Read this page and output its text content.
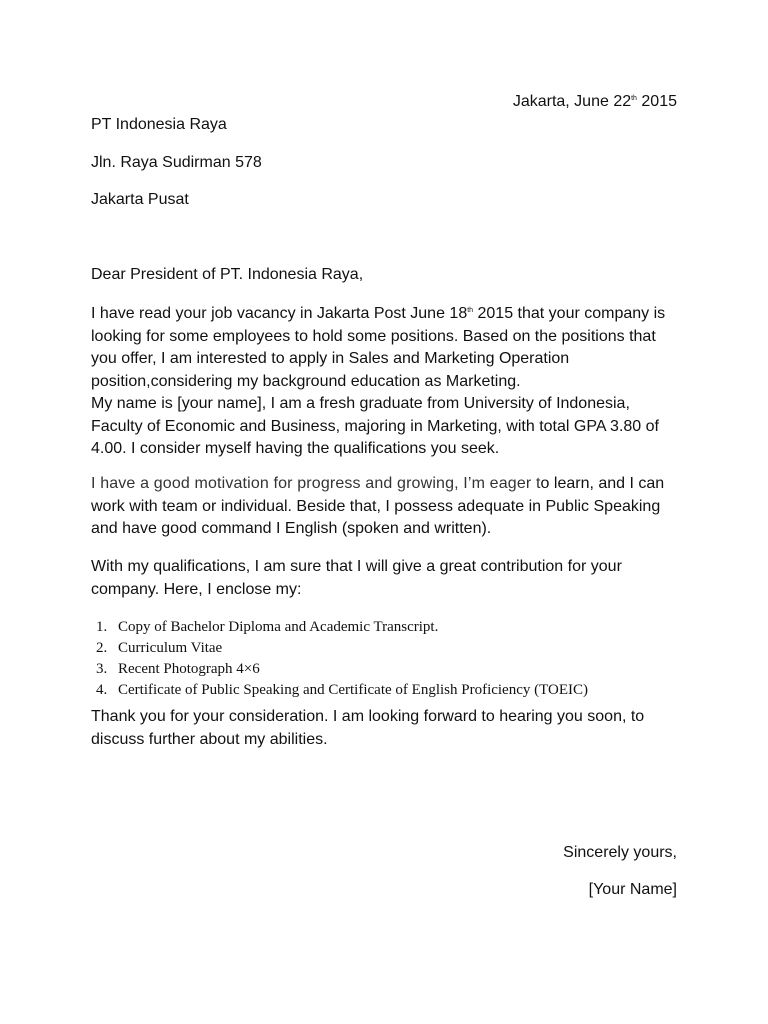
Jakarta, June 22th 2015

PT Indonesia Raya

Jln. Raya Sudirman 578

Jakarta Pusat

Dear President of PT. Indonesia Raya,

I have read your job vacancy in Jakarta Post June 18th 2015 that your company is looking for some employees to hold some positions. Based on the positions that you offer, I am interested to apply in Sales and Marketing Operation position,considering my background education as Marketing.

My name is [your name], I am a fresh graduate from University of Indonesia, Faculty of Economic and Business, majoring in Marketing, with total GPA 3.80 of 4.00. I consider myself having the qualifications you seek.

I have a good motivation for progress and growing, I’m eager to learn, and I can work with team or individual. Beside that, I possess adequate in Public Speaking and have good command I English (spoken and written).

With my qualifications, I am sure that I will give a great contribution for your company. Here, I enclose my:

1. Copy of Bachelor Diploma and Academic Transcript.
2. Curriculum Vitae
3. Recent Photograph 4×6
4. Certificate of Public Speaking and Certificate of English Proficiency (TOEIC)

Thank you for your consideration. I am looking forward to hearing you soon, to discuss further about my abilities.

Sincerely yours,

[Your Name]
